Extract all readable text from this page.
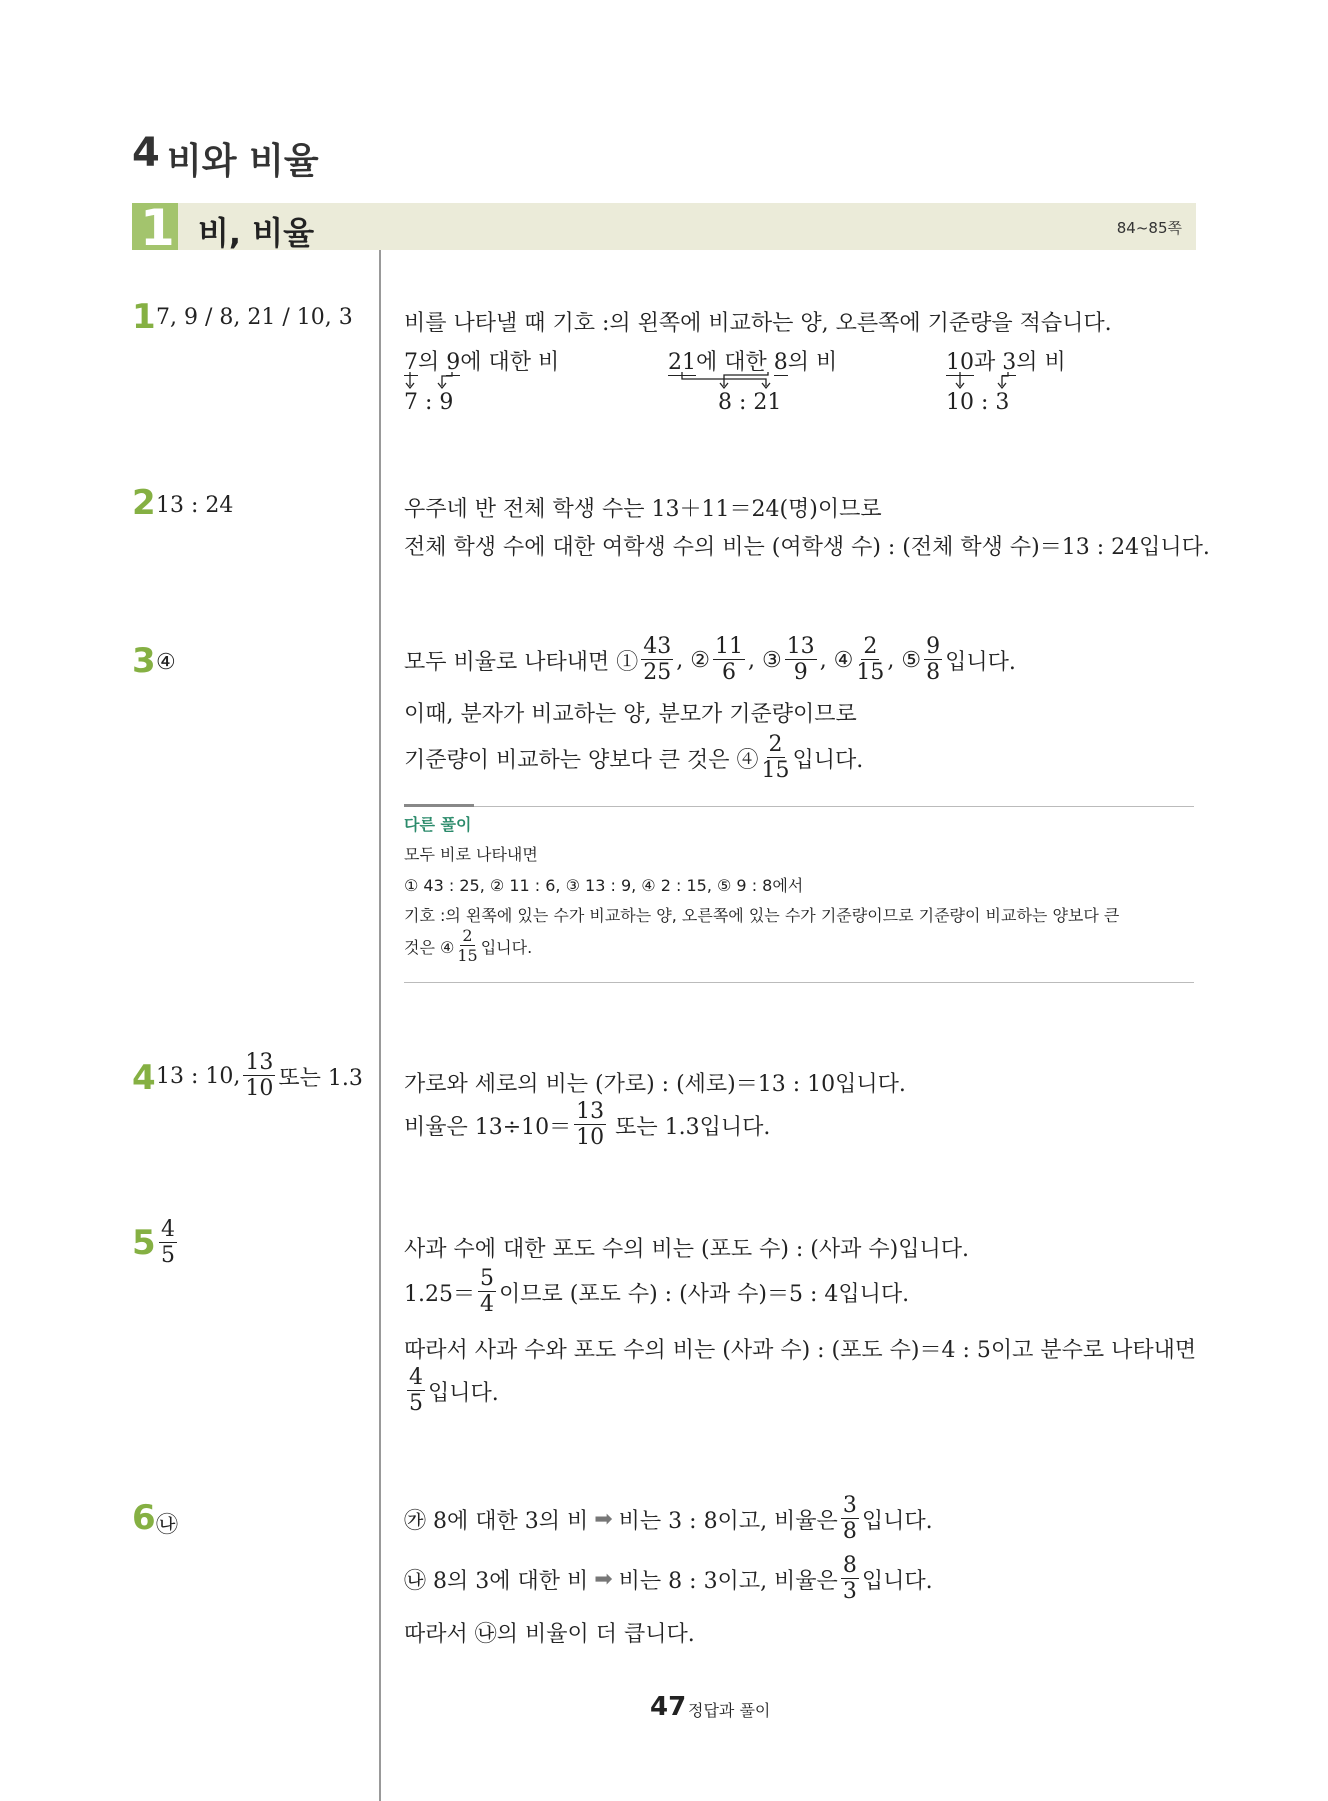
4 비와 비율
1 비, 비율	84~85쪽
1 7, 9 / 8, 21 / 10, 3 비를 나타낼 때 기호 :의 왼쪽에 비교하는 양, 오른쪽에 기준량을 적습니다.
7의 9에 대한 비
7 : 9
21에 대한 8의 비
8 : 21
10과 3의 비
10 : 3
2 13 : 24	우주네 반 전체 학생 수는 13＋11＝24(명)이므로
전체 학생 수에 대한 여학생 수의 비는 (여학생 수) : (전체 학생 수)＝13 : 24입니다.
3 ④	모두 비율로 나타내면 ① $\frac{43}{25}$ , ② $\frac{11}{6}$ , ③ $\frac{13}{9}$ , ④ $\frac{2}{15}$ , ⑤ $\frac{9}{8}$ 입니다.
이때, 분자가 비교하는 양, 분모가 기준량이므로
기준량이 비교하는 양보다 큰 것은 ④ $\frac{2}{15}$ 입니다.
다른 풀이
모두 비로 나타내면
① 43 : 25, ② 11 : 6, ③ 13 : 9, ④ 2 : 15, ⑤ 9 : 8에서
기호 :의 왼쪽에 있는 수가 비교하는 양, 오른쪽에 있는 수가 기준량이므로 기준량이 비교하는 양보다 큰
것은 ④ $\frac{2}{15}$ 입니다.
4 13 : 10, $\frac{13}{10}$ 또는 1.3 가로와 세로의 비는 (가로) : (세로)＝13 : 10입니다.
비율은 $13\div 10= \frac{13}{10}$ 또는 1.3입니다.
$5 \frac{4}{5}$	사과 수에 대한 포도 수의 비는 (포도 수) : (사과 수)입니다.
$1.25= \frac{5}{4}$ 이므로 (포도 수) : (사과 수)＝5 : 4입니다.
따라서 사과 수와 포도 수의 비는 (사과 수) : (포도 수)＝4 : 5이고 분수로 나타내면
$\frac{4}{5}$ 입니다.
6 ㉯	㉮ 8에 대한 3의 비 ➡ 비는 3 : 8이고, 비율은 $\frac{3}{8}$ 입니다.
㉯ 8의 3에 대한 비 ➡ 비는 8 : 3이고, 비율은 $\frac{8}{3}$ 입니다.
따라서 ㉯의 비율이 더 큽니다.
47 정답과 풀이
